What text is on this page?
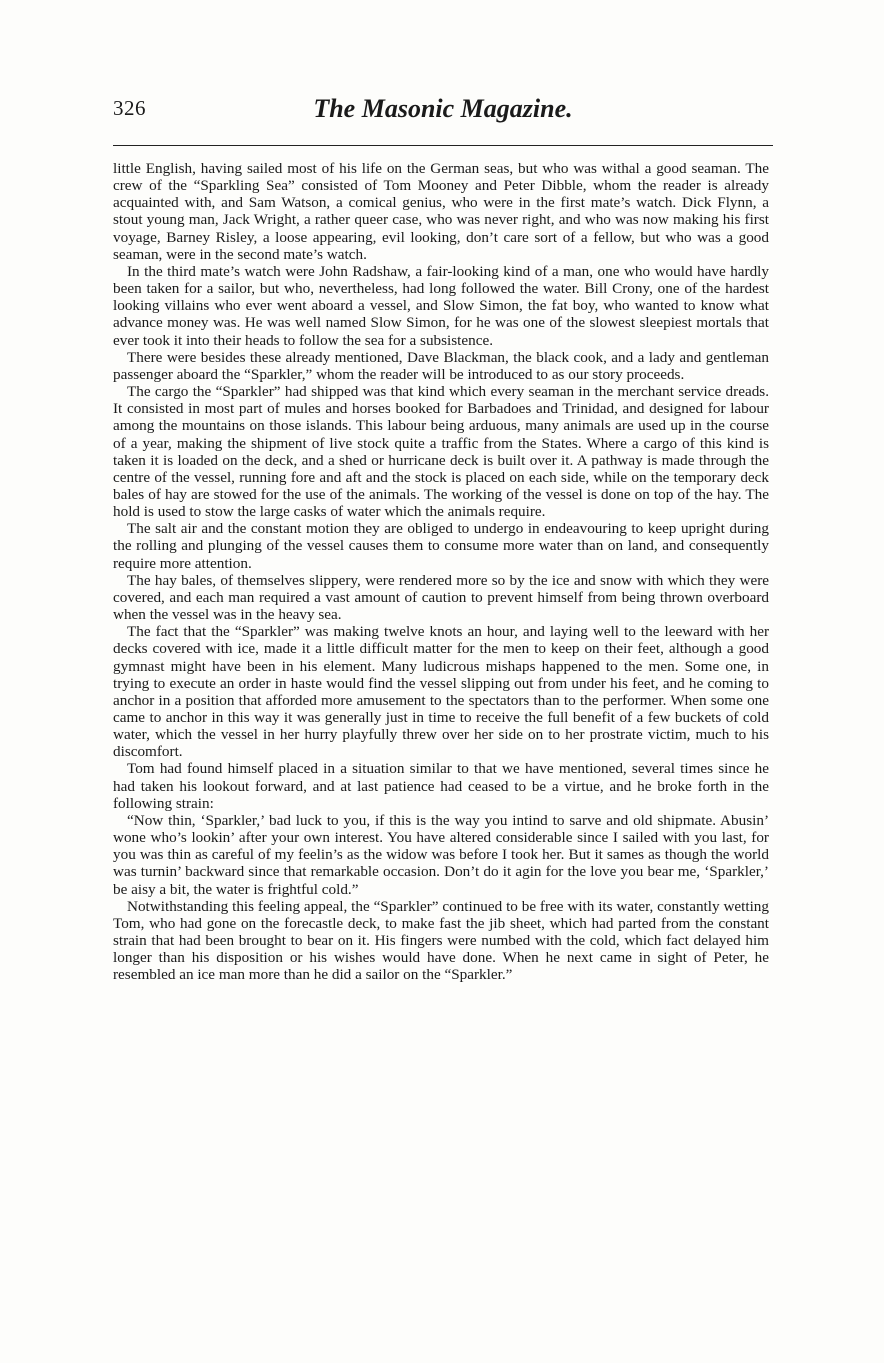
326	The Masonic Magazine.

little English, having sailed most of his life on the German seas, but who was withal a good seaman. The crew of the “Sparkling Sea” consisted of Tom Mooney and Peter Dibble, whom the reader is already acquainted with, and Sam Watson, a comical genius, who were in the first mate’s watch. Dick Flynn, a stout young man, Jack Wright, a rather queer case, who was never right, and who was now making his first voyage, Barney Risley, a loose appearing, evil looking, don’t care sort of a fellow, but who was a good seaman, were in the second mate’s watch.

In the third mate’s watch were John Radshaw, a fair-looking kind of a man, one who would have hardly been taken for a sailor, but who, nevertheless, had long followed the water. Bill Crony, one of the hardest looking villains who ever went aboard a vessel, and Slow Simon, the fat boy, who wanted to know what advance money was. He was well named Slow Simon, for he was one of the slowest sleepiest mortals that ever took it into their heads to follow the sea for a subsistence.

There were besides these already mentioned, Dave Blackman, the black cook, and a lady and gentleman passenger aboard the “Sparkler,” whom the reader will be introduced to as our story proceeds.

The cargo the “Sparkler” had shipped was that kind which every seaman in the merchant service dreads. It consisted in most part of mules and horses booked for Barbadoes and Trinidad, and designed for labour among the mountains on those islands. This labour being arduous, many animals are used up in the course of a year, making the shipment of live stock quite a traffic from the States. Where a cargo of this kind is taken it is loaded on the deck, and a shed or hurricane deck is built over it. A pathway is made through the centre of the vessel, running fore and aft and the stock is placed on each side, while on the temporary deck bales of hay are stowed for the use of the animals. The working of the vessel is done on top of the hay. The hold is used to stow the large casks of water which the animals require.

The salt air and the constant motion they are obliged to undergo in endeavouring to keep upright during the rolling and plunging of the vessel causes them to consume more water than on land, and consequently require more attention.

The hay bales, of themselves slippery, were rendered more so by the ice and snow with which they were covered, and each man required a vast amount of caution to prevent himself from being thrown overboard when the vessel was in the heavy sea.

The fact that the “Sparkler” was making twelve knots an hour, and laying well to the leeward with her decks covered with ice, made it a little difficult matter for the men to keep on their feet, although a good gymnast might have been in his element. Many ludicrous mishaps happened to the men. Some one, in trying to execute an order in haste would find the vessel slipping out from under his feet, and he coming to anchor in a position that afforded more amusement to the spectators than to the performer. When some one came to anchor in this way it was generally just in time to receive the full benefit of a few buckets of cold water, which the vessel in her hurry playfully threw over her side on to her prostrate victim, much to his discomfort.

Tom had found himself placed in a situation similar to that we have mentioned, several times since he had taken his lookout forward, and at last patience had ceased to be a virtue, and he broke forth in the following strain:

“Now thin, ‘Sparkler,’ bad luck to you, if this is the way you intind to sarve and old shipmate. Abusin’ wone who’s lookin’ after your own interest. You have altered considerable since I sailed with you last, for you was thin as careful of my feelin’s as the widow was before I took her. But it sames as though the world was turnin’ backward since that remarkable occasion. Don’t do it agin for the love you bear me, ‘Sparkler,’ be aisy a bit, the water is frightful cold.”

Notwithstanding this feeling appeal, the “Sparkler” continued to be free with its water, constantly wetting Tom, who had gone on the forecastle deck, to make fast the jib sheet, which had parted from the constant strain that had been brought to bear on it. His fingers were numbed with the cold, which fact delayed him longer than his disposition or his wishes would have done. When he next came in sight of Peter, he resembled an ice man more than he did a sailor on the “Sparkler.”
